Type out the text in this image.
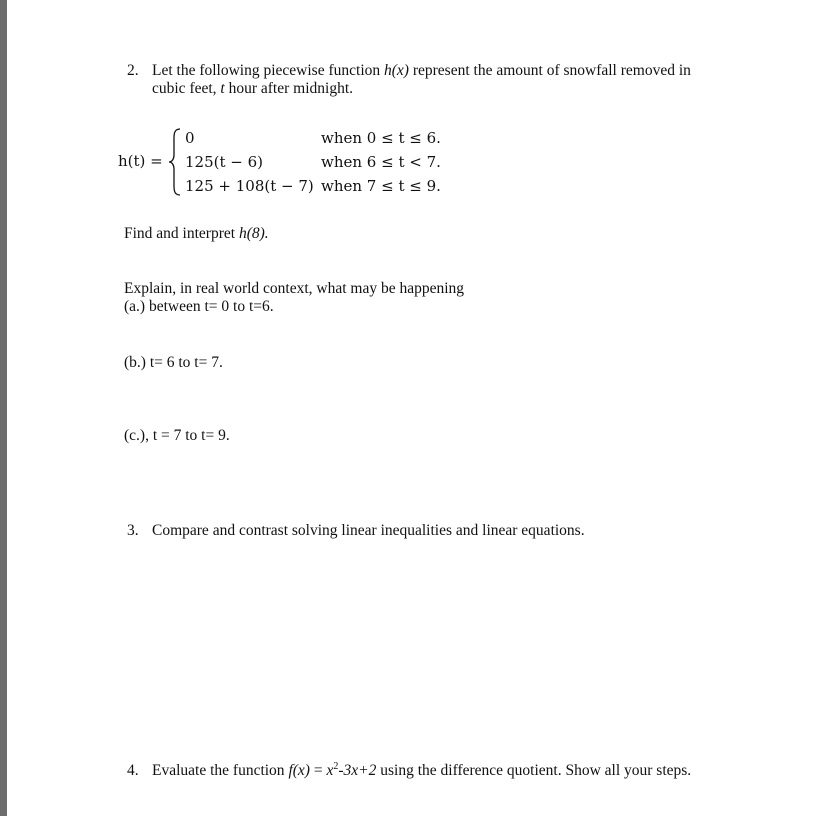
2. Let the following piecewise function h(x) represent the amount of snowfall removed in
cubic feet, t hour after midnight.
h(t) =
0	when 0 ≤ t ≤ 6.
125(t − 6)	when 6 ≤ t < 7.
125 + 108(t − 7) when 7 ≤ t ≤ 9.
Find and interpret h(8).
Explain, in real world context, what may be happening
(a.) between t= 0 to t=6.
(b.) t= 6 to t= 7.
(c.), t = 7 to t= 9.
3. Compare and contrast solving linear inequalities and linear equations.
4. Evaluate the function $f(x) = x^2-3x+2$ using the difference quotient. Show all your steps.
